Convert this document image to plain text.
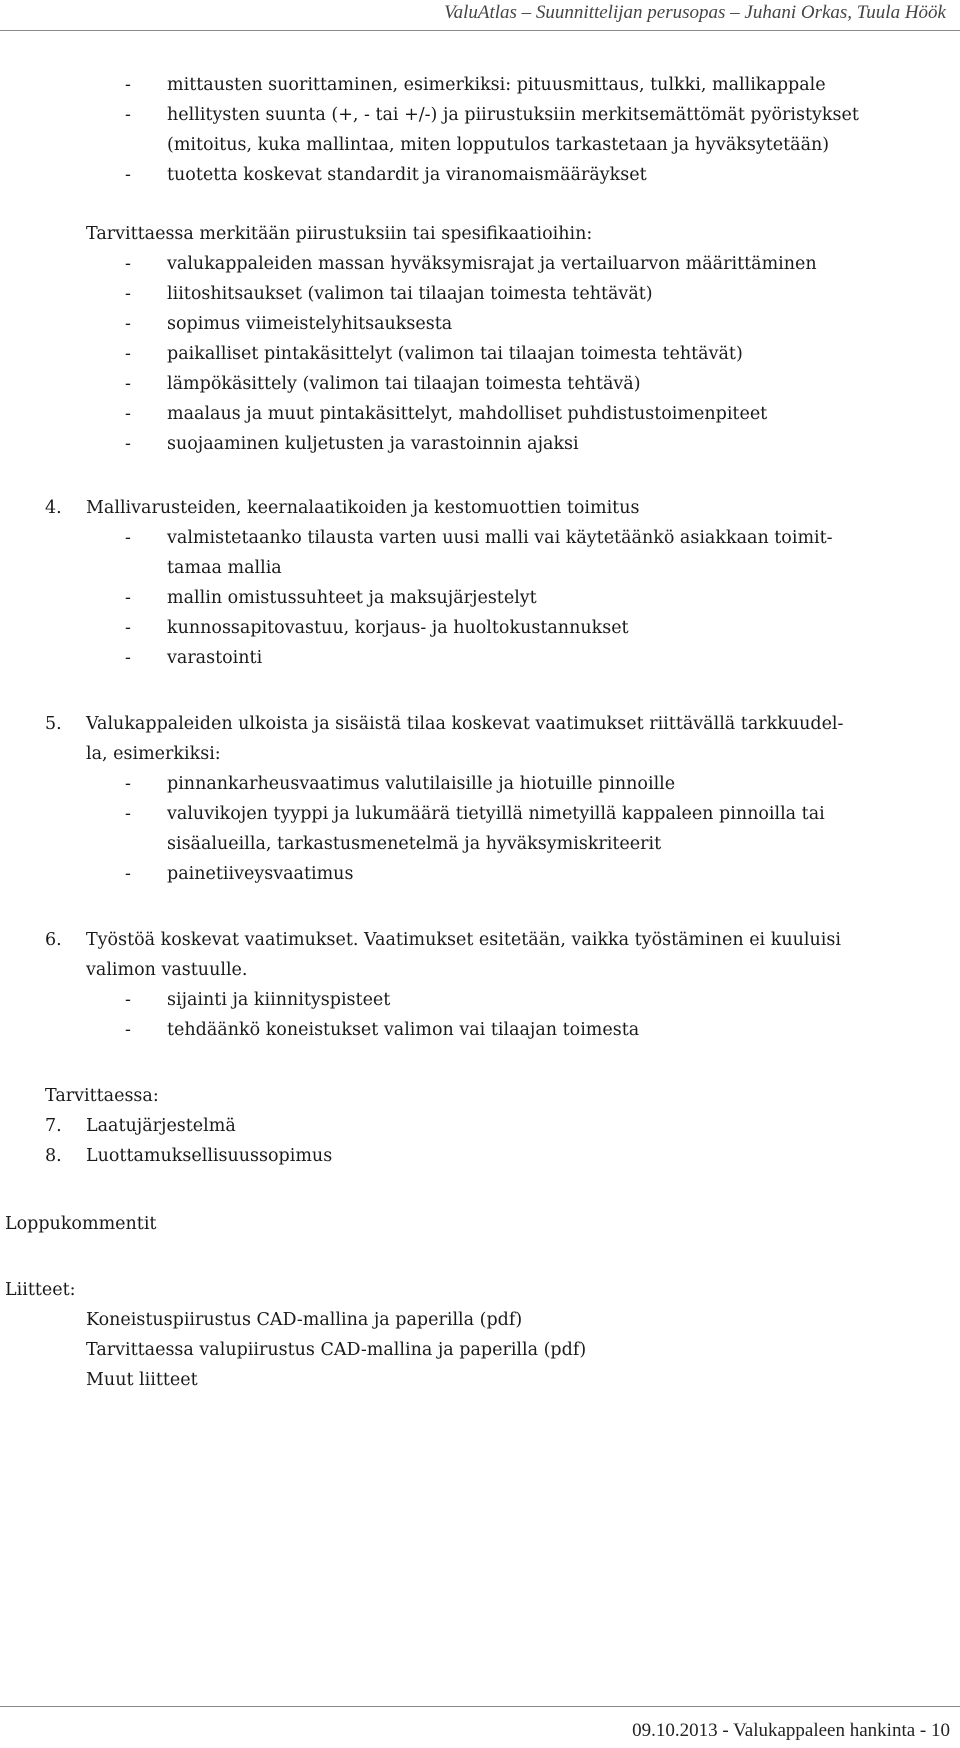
ValuAtlas – Suunnittelijan perusopas – Juhani Orkas, Tuula Höök
- mittausten suorittaminen, esimerkiksi: pituusmittaus, tulkki, mallikappale
- hellitysten suunta (+, - tai +/-) ja piirustuksiin merkitsemättömät pyöristykset
(mitoitus, kuka mallintaa, miten lopputulos tarkastetaan ja hyväksytetään)
- tuotetta koskevat standardit ja viranomaismääräykset
Tarvittaessa merkitään piirustuksiin tai spesifikaatioihin:
- valukappaleiden massan hyväksymisrajat ja vertailuarvon määrittäminen
- liitoshitsaukset (valimon tai tilaajan toimesta tehtävät)
- sopimus viimeistelyhitsauksesta
- paikalliset pintakäsittelyt (valimon tai tilaajan toimesta tehtävät)
- lämpökäsittely (valimon tai tilaajan toimesta tehtävä)
- maalaus ja muut pintakäsittelyt, mahdolliset puhdistustoimenpiteet
- suojaaminen kuljetusten ja varastoinnin ajaksi
4. Mallivarusteiden, keernalaatikoiden ja kestomuottien toimitus
- valmistetaanko tilausta varten uusi malli vai käytetäänkö asiakkaan toimit-
tamaa mallia
- mallin omistussuhteet ja maksujärjestelyt
- kunnossapitovastuu, korjaus- ja huoltokustannukset
- varastointi
5. Valukappaleiden ulkoista ja sisäistä tilaa koskevat vaatimukset riittävällä tarkkuudel-
la, esimerkiksi:
- pinnankarheusvaatimus valutilaisille ja hiotuille pinnoille
- valuvikojen tyyppi ja lukumäärä tietyillä nimetyillä kappaleen pinnoilla tai
sisäalueilla, tarkastusmenetelmä ja hyväksymiskriteerit
- painetiiveysvaatimus
6. Työstöä koskevat vaatimukset. Vaatimukset esitetään, vaikka työstäminen ei kuuluisi
valimon vastuulle.
- sijainti ja kiinnityspisteet
- tehdäänkö koneistukset valimon vai tilaajan toimesta
Tarvittaessa:
7. Laatujärjestelmä
8. Luottamuksellisuussopimus
Loppukommentit
Liitteet:
Koneistuspiirustus CAD-mallina ja paperilla (pdf)
Tarvittaessa valupiirustus CAD-mallina ja paperilla (pdf)
Muut liitteet
09.10.2013 - Valukappaleen hankinta - 10
